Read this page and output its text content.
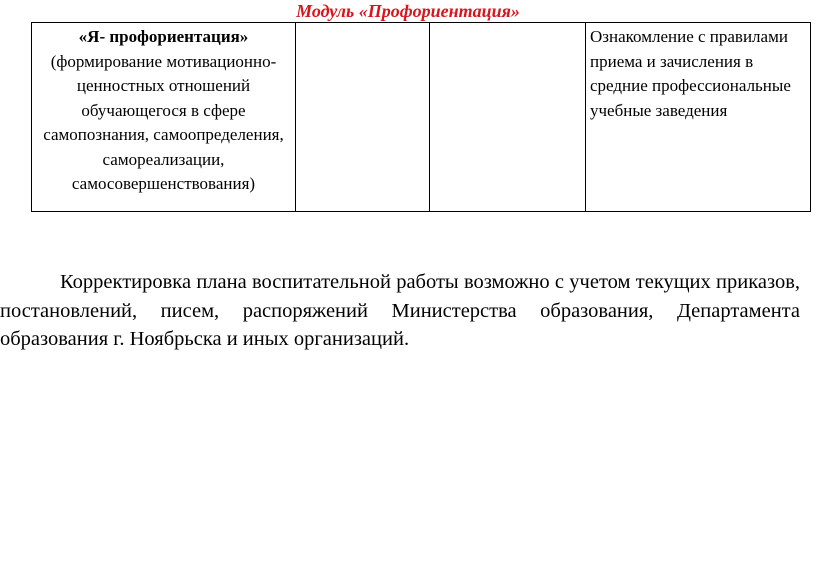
Модуль «Профориентация»
«Я- профориентация»
(формирование мотивационно-ценностных отношений обучающегося в сфере самопознания, самоопределения, самореализации, самосовершенствования)			Ознакомление с правилами приема и зачисления в средние профессиональные учебные заведения

Корректировка плана воспитательной работы возможно с учетом текущих приказов, постановлений, писем, распоряжений Министерства образования, Департамента образования г. Ноябрьска и иных организаций.
